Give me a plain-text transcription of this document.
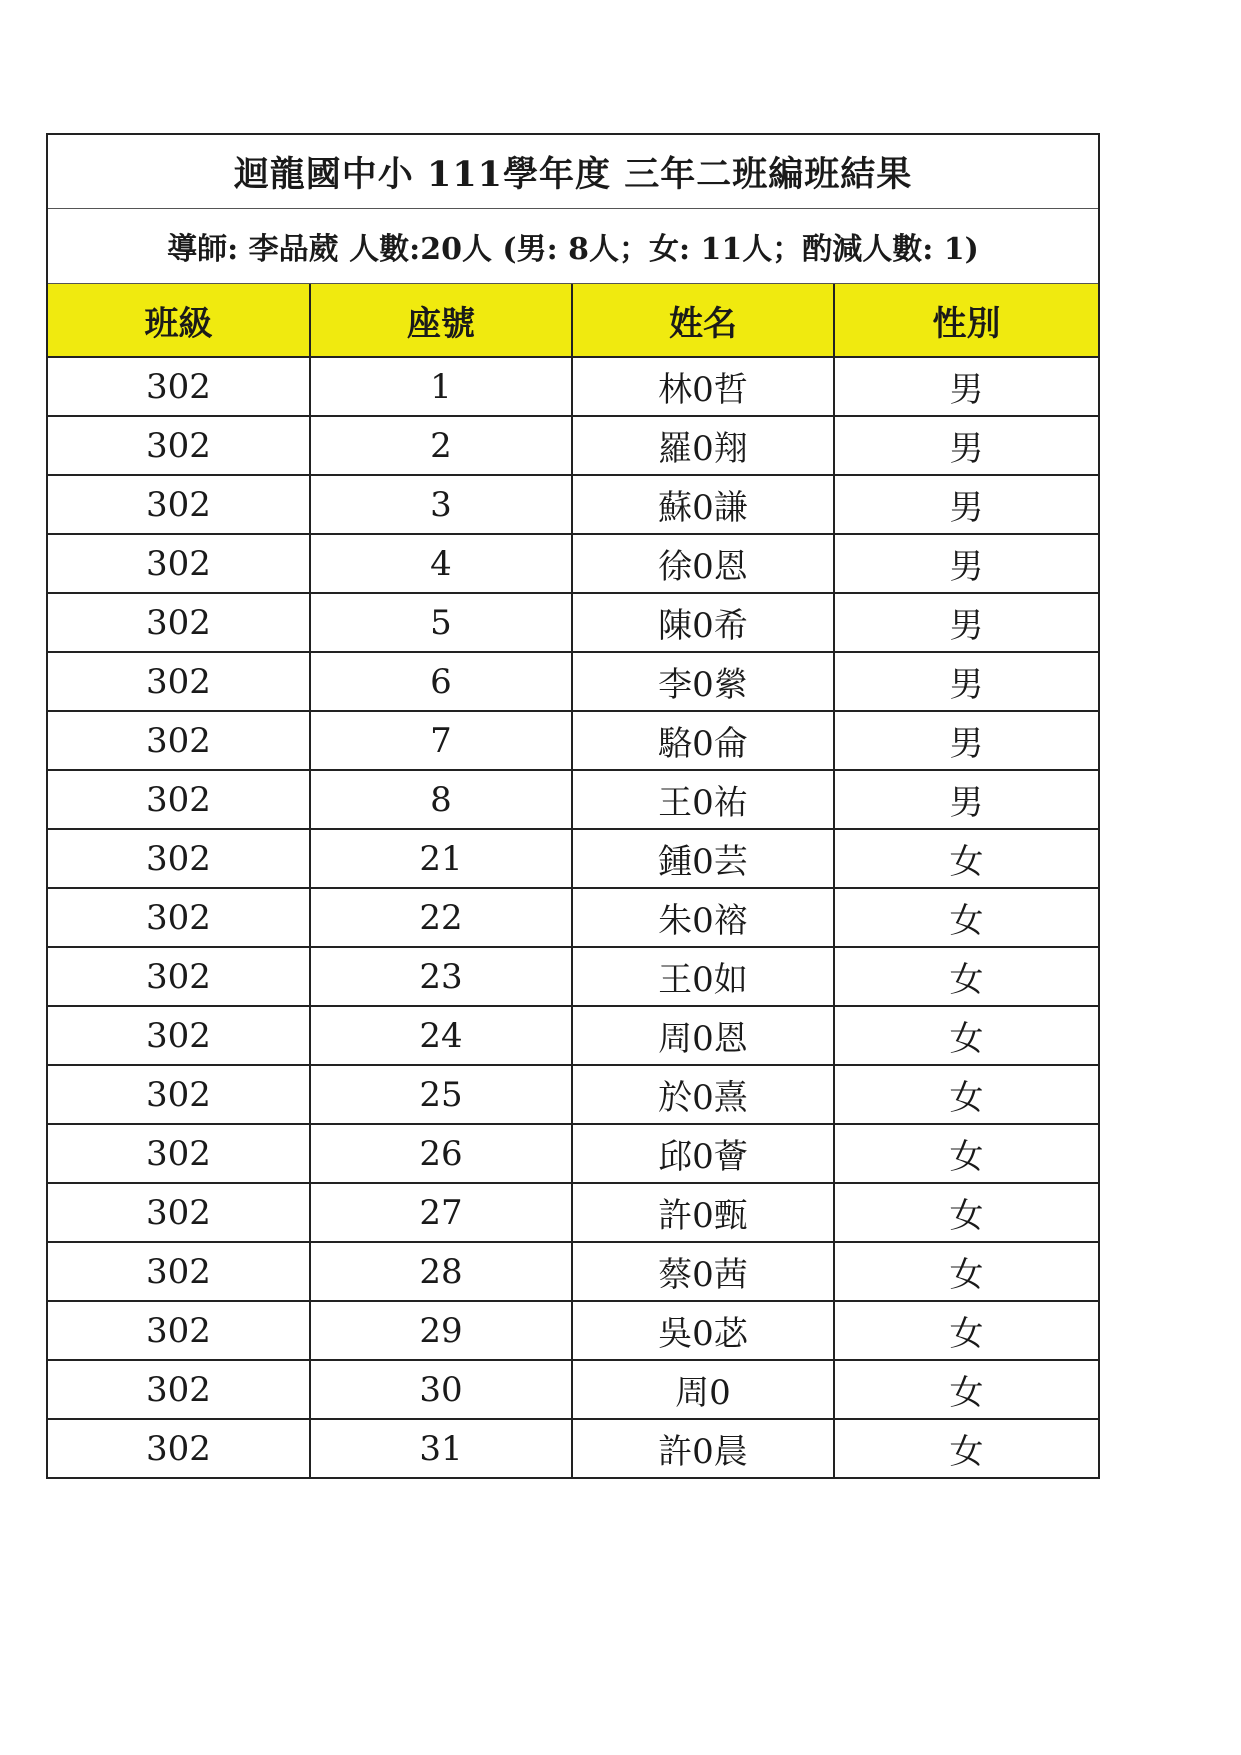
迴龍國中小 111學年度 三年二班編班結果
導師:
李品葳
人數: 20人
(男: 8人；女: 11人；酌減人數: 1)
班級	座號	姓名	性別
302	1	林0哲	男
302	2	羅0翔	男
302	3	蘇0謙	男
302	4	徐0恩	男
302	5	陳0希	男
302	6	李0縈	男
302	7	駱0侖	男
302	8	王0祐	男
302	21	鍾0芸	女
302	22	朱0褣	女
302	23	王0如	女
302	24	周0恩	女
302	25	於0熹	女
302	26	邱0薈	女
302	27	許0甄	女
302	28	蔡0茜	女
302	29	吳0苾	女
302	30	周0	女
302	31	許0晨	女
